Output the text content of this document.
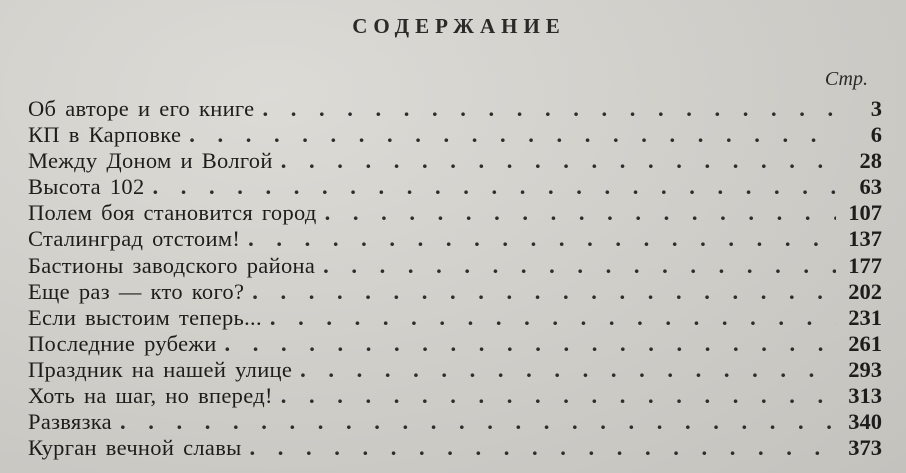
СОДЕРЖАНИЕ
Стр.
Об авторе и его книге . . .	3
КП в Карповке . . .	6
Между Доном и Волгой . . .	28
Высота 102 . . .	63
Полем боя становится город . . .	107
Сталинград отстоим! . . .	137
Бастионы заводского района . . .	177
Еще раз — кто кого? . . .	202
Если выстоим теперь... . . .	231
Последние рубежи . . .	261
Праздник на нашей улице . . .	293
Хоть на шаг, но вперед! . . .	313
Развязка . . .	340
Курган вечной славы . . .	373
